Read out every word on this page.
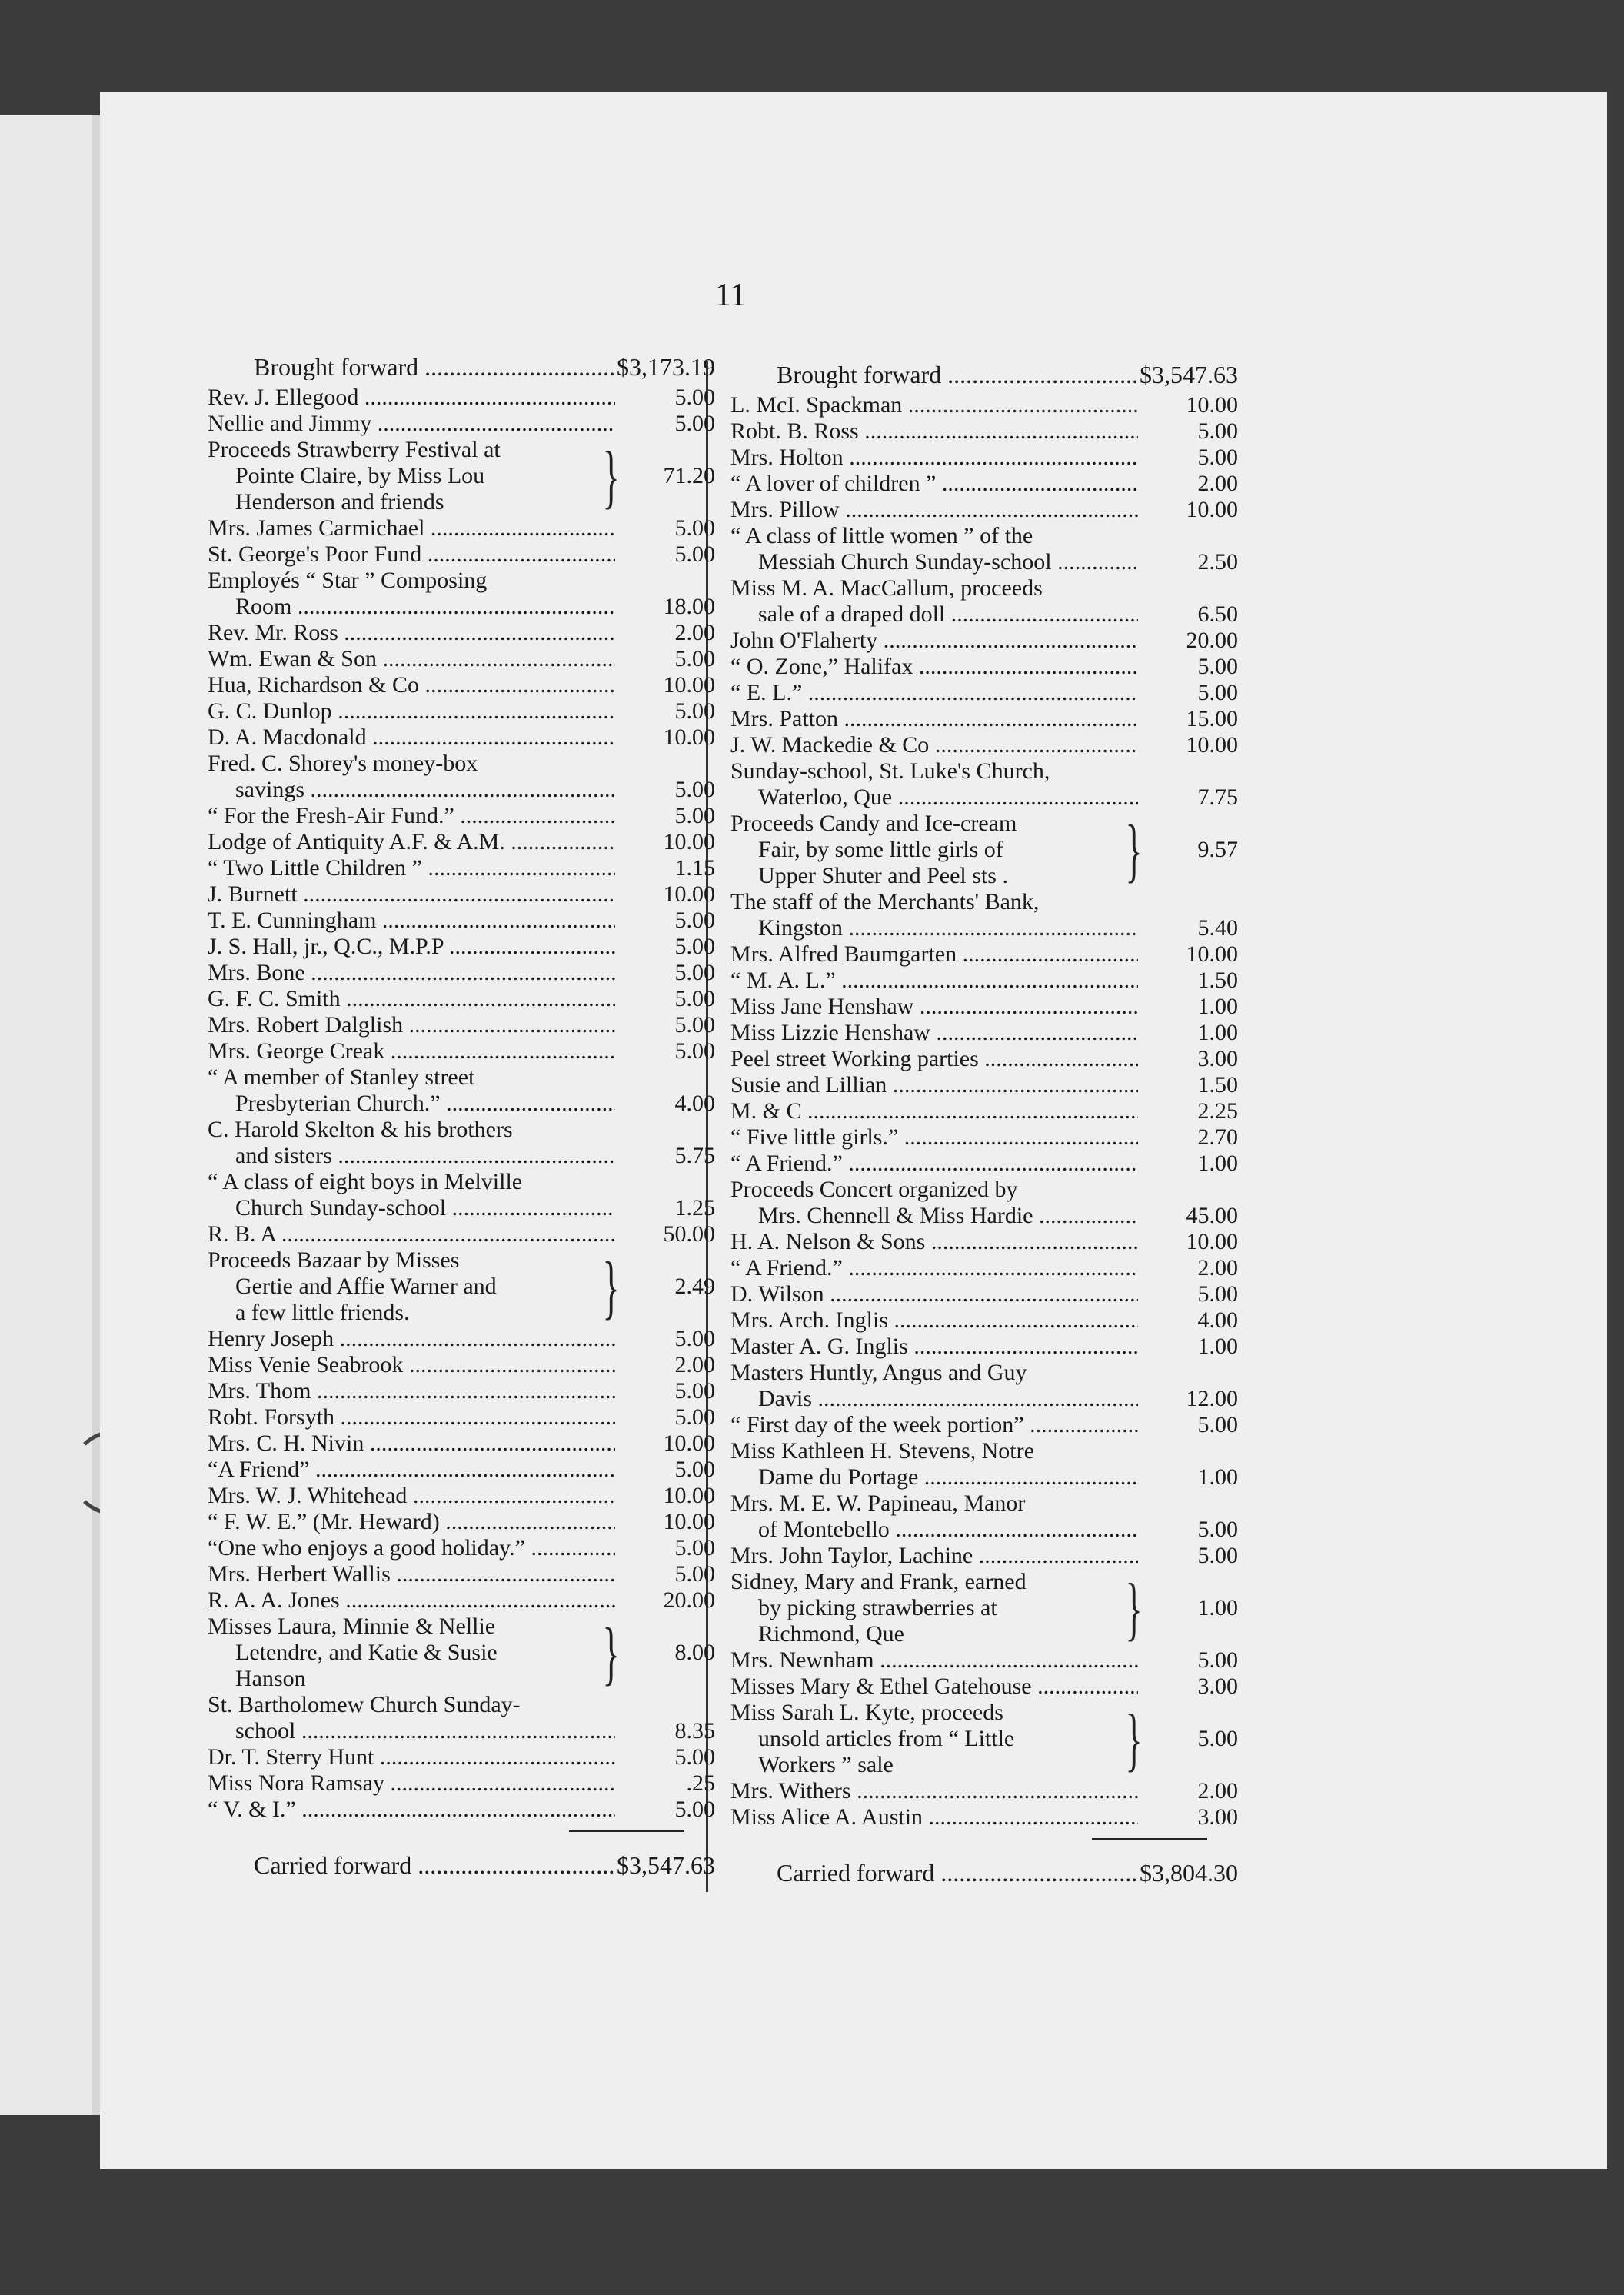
11
Brought forward .....	$3,173.19
Rev. J. Ellegood .....	5.00
Nellie and Jimmy .....	5.00
Proceeds Strawberry Festival at
Pointe Claire, by Miss Lou
Henderson and friends	}	71.20
Mrs. James Carmichael .....	5.00
St. George's Poor Fund .....	5.00
Employés “ Star ” Composing
Room .....	18.00
Rev. Mr. Ross .....	2.00
Wm. Ewan & Son .....	5.00
Hua, Richardson & Co .....	10.00
G. C. Dunlop .....	5.00
D. A. Macdonald .....	10.00
Fred. C. Shorey's money-box
savings .....	5.00
“ For the Fresh-Air Fund.” .....	5.00
Lodge of Antiquity A.F. & A.M. .....	10.00
“ Two Little Children ” .....	1.15
J. Burnett .....	10.00
T. E. Cunningham .....	5.00
J. S. Hall, jr., Q.C., M.P.P .....	5.00
Mrs. Bone .....	5.00
G. F. C. Smith .....	5.00
Mrs. Robert Dalglish .....	5.00
Mrs. George Creak .....	5.00
“ A member of Stanley street
Presbyterian Church.” .....	4.00
C. Harold Skelton & his brothers
and sisters .....	5.75
“ A class of eight boys in Melville
Church Sunday-school .....	1.25
R. B. A .....	50.00
Proceeds Bazaar by Misses
Gertie and Affie Warner and
a few little friends.	}	2.49
Henry Joseph .....	5.00
Miss Venie Seabrook .....	2.00
Mrs. Thom .....	5.00
Robt. Forsyth .....	5.00
Mrs. C. H. Nivin .....	10.00
“A Friend” .....	5.00
Mrs. W. J. Whitehead .....	10.00
“ F. W. E.” (Mr. Heward) .....	10.00
“One who enjoys a good holiday.” .....	5.00
Mrs. Herbert Wallis .....	5.00
R. A. A. Jones .....	20.00
Misses Laura, Minnie & Nellie
Letendre, and Katie & Susie
Hanson	}	8.00
St. Bartholomew Church Sunday-
school .....	8.35
Dr. T. Sterry Hunt .....	5.00
Miss Nora Ramsay .....	.25
“ V. & I.” .....	5.00
Carried forward .....	$3,547.63
Brought forward .....	$3,547.63
L. McI. Spackman .....	10.00
Robt. B. Ross .....	5.00
Mrs. Holton .....	5.00
“ A lover of children ” .....	2.00
Mrs. Pillow .....	10.00
“ A class of little women ” of the
Messiah Church Sunday-school .....	2.50
Miss M. A. MacCallum, proceeds
sale of a draped doll .....	6.50
John O'Flaherty .....	20.00
“ O. Zone,” Halifax .....	5.00
“ E. L.” .....	5.00
Mrs. Patton .....	15.00
J. W. Mackedie & Co .....	10.00
Sunday-school, St. Luke's Church,
Waterloo, Que .....	7.75
Proceeds Candy and Ice-cream
Fair, by some little girls of
Upper Shuter and Peel sts .	}	9.57
The staff of the Merchants' Bank,
Kingston .....	5.40
Mrs. Alfred Baumgarten .....	10.00
“ M. A. L.” .....	1.50
Miss Jane Henshaw .....	1.00
Miss Lizzie Henshaw .....	1.00
Peel street Working parties .....	3.00
Susie and Lillian .....	1.50
M. & C .....	2.25
“ Five little girls.” .....	2.70
“ A Friend.” .....	1.00
Proceeds Concert organized by
Mrs. Chennell & Miss Hardie .....	45.00
H. A. Nelson & Sons .....	10.00
“ A Friend.” .....	2.00
D. Wilson .....	5.00
Mrs. Arch. Inglis .....	4.00
Master A. G. Inglis .....	1.00
Masters Huntly, Angus and Guy
Davis .....	12.00
“ First day of the week portion” .....	5.00
Miss Kathleen H. Stevens, Notre
Dame du Portage .....	1.00
Mrs. M. E. W. Papineau, Manor
of Montebello .....	5.00
Mrs. John Taylor, Lachine .....	5.00
Sidney, Mary and Frank, earned
by picking strawberries at
Richmond, Que	}	1.00
Mrs. Newnham .....	5.00
Misses Mary & Ethel Gatehouse .....	3.00
Miss Sarah L. Kyte, proceeds
unsold articles from “ Little
Workers ” sale	}	5.00
Mrs. Withers .....	2.00
Miss Alice A. Austin .....	3.00
Carried forward .....	$3,804.30
